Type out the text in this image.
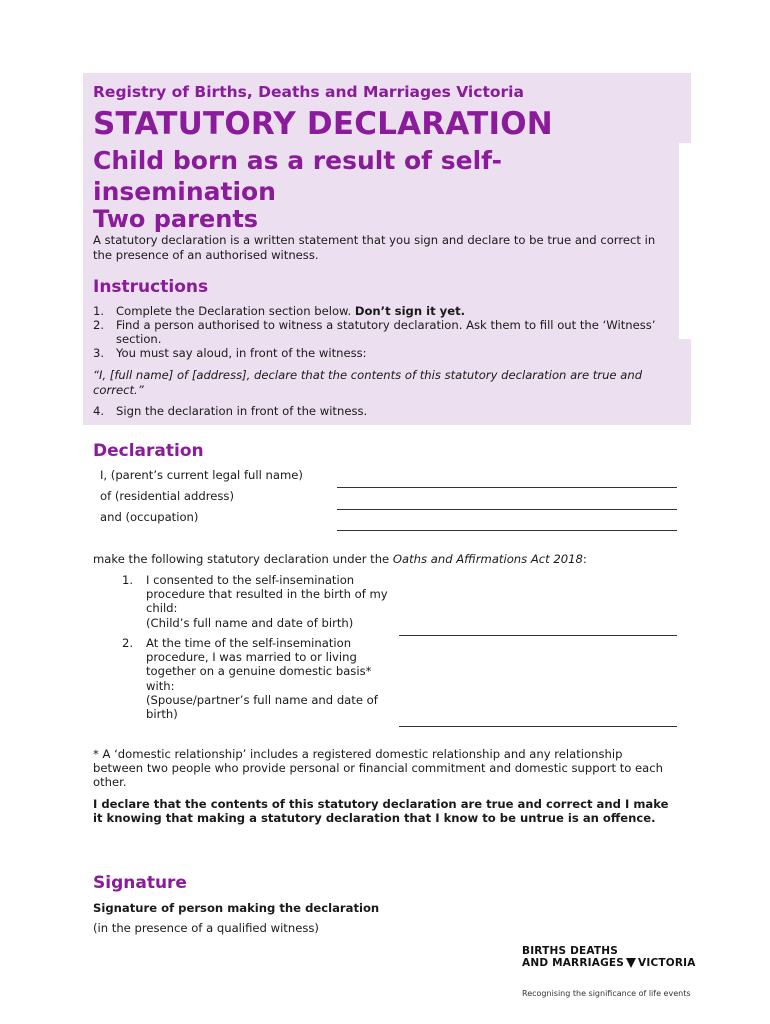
Registry of Births, Deaths and Marriages Victoria
STATUTORY DECLARATION
Child born as a result of self-insemination
Two parents
A statutory declaration is a written statement that you sign and declare to be true and correct in the presence of an authorised witness.
Instructions
1.	Complete the Declaration section below. Don’t sign it yet.
2.	Find a person authorised to witness a statutory declaration. Ask them to fill out the ‘Witness’ section.
3.	You must say aloud, in front of the witness:
“I, [full name] of [address], declare that the contents of this statutory declaration are true and correct.”
4.	Sign the declaration in front of the witness.
Declaration
I, (parent’s current legal full name)
of (residential address)
and (occupation)
make the following statutory declaration under the Oaths and Affirmations Act 2018:
1.	I consented to the self-insemination procedure that resulted in the birth of my child:
(Child’s full name and date of birth)
2.	At the time of the self-insemination procedure, I was married to or living together on a genuine domestic basis* with:
(Spouse/partner’s full name and date of birth)
* A ‘domestic relationship’ includes a registered domestic relationship and any relationship between two people who provide personal or financial commitment and domestic support to each other.
I declare that the contents of this statutory declaration are true and correct and I make it knowing that making a statutory declaration that I know to be untrue is an offence.
Signature
Signature of person making the declaration
(in the presence of a qualified witness)
BIRTHS DEATHS
AND MARRIAGES VICTORIA
Recognising the significance of life events
